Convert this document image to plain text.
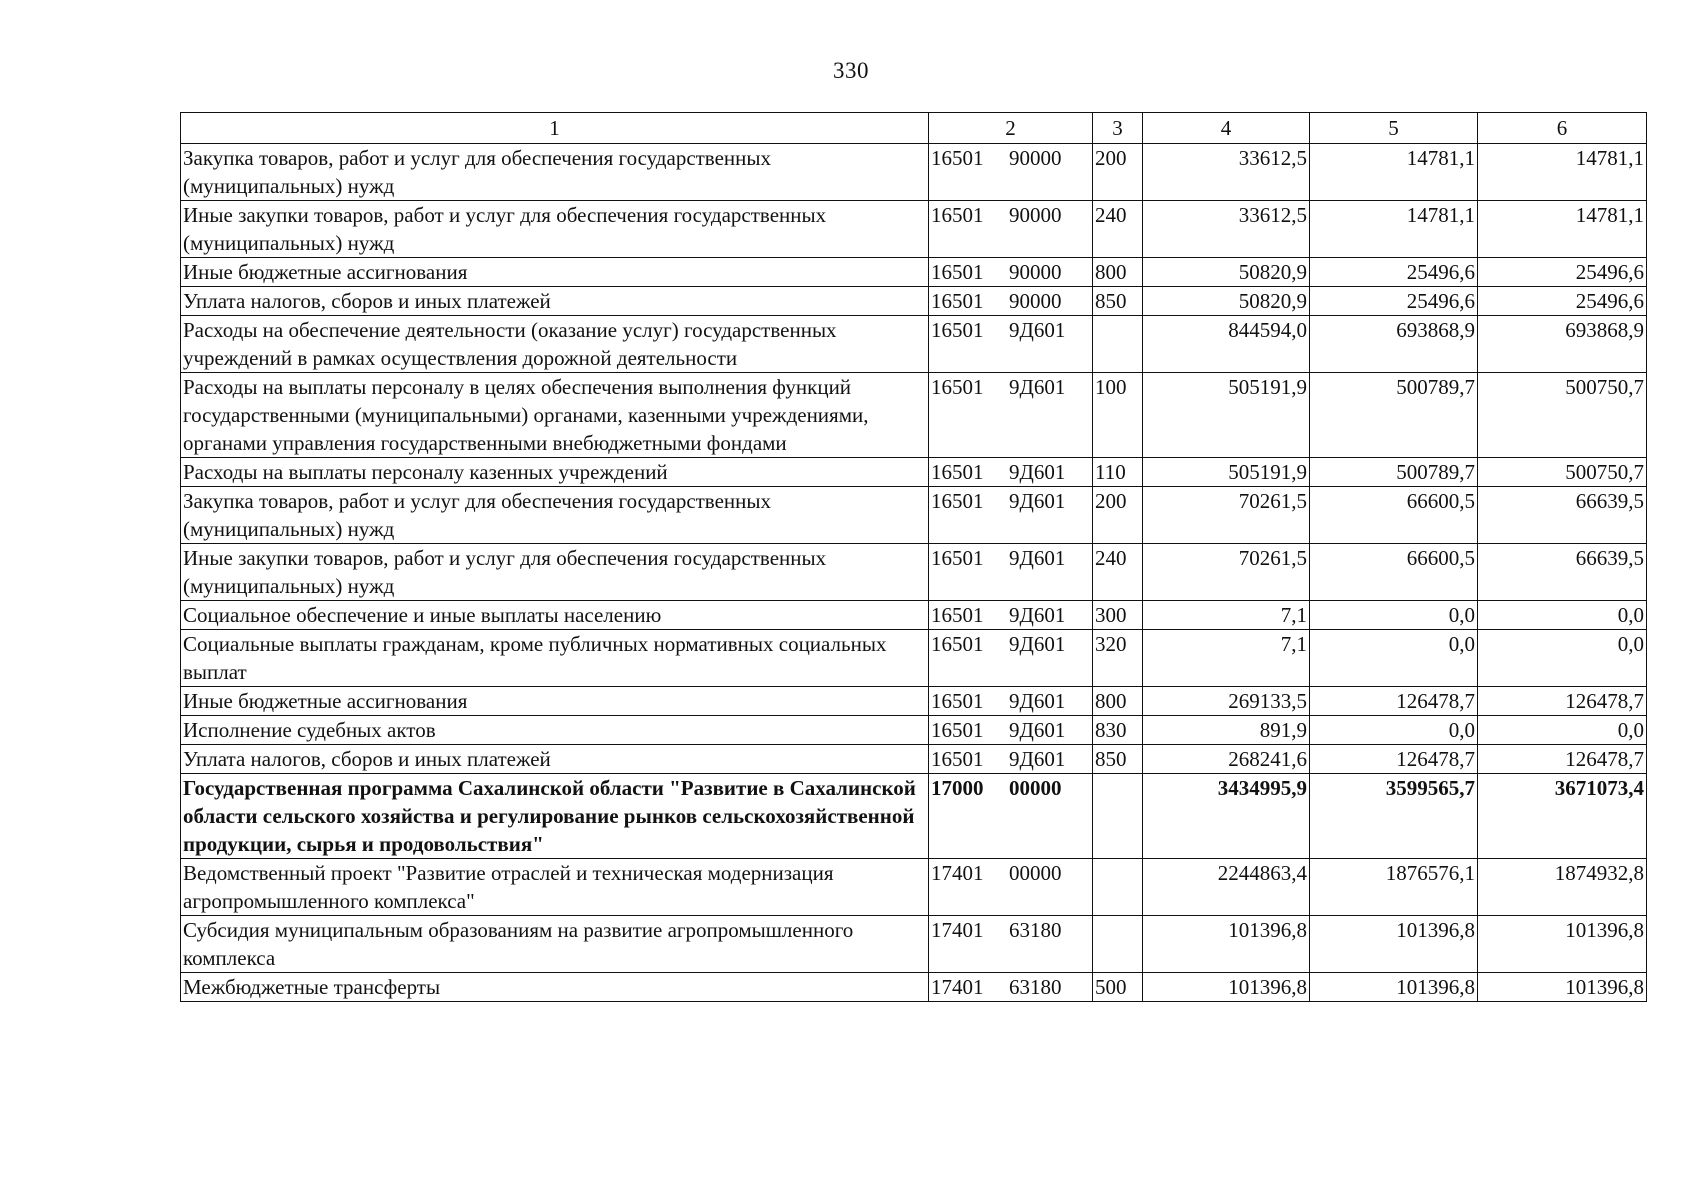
330
1	2	3	4	5	6
Закупка товаров, работ и услуг для обеспечения государственных (муниципальных) нужд	16501 90000	200	33612,5	14781,1	14781,1
Иные закупки товаров, работ и услуг для обеспечения государственных (муниципальных) нужд	16501 90000	240	33612,5	14781,1	14781,1
Иные бюджетные ассигнования	16501 90000	800	50820,9	25496,6	25496,6
Уплата налогов, сборов и иных платежей	16501 90000	850	50820,9	25496,6	25496,6
Расходы на обеспечение деятельности (оказание услуг) государственных учреждений в рамках осуществления дорожной деятельности	16501 9Д601		844594,0	693868,9	693868,9
Расходы на выплаты персоналу в целях обеспечения выполнения функций государственными (муниципальными) органами, казенными учреждениями, органами управления государственными внебюджетными фондами	16501 9Д601	100	505191,9	500789,7	500750,7
Расходы на выплаты персоналу казенных учреждений	16501 9Д601	110	505191,9	500789,7	500750,7
Закупка товаров, работ и услуг для обеспечения государственных (муниципальных) нужд	16501 9Д601	200	70261,5	66600,5	66639,5
Иные закупки товаров, работ и услуг для обеспечения государственных (муниципальных) нужд	16501 9Д601	240	70261,5	66600,5	66639,5
Социальное обеспечение и иные выплаты населению	16501 9Д601	300	7,1	0,0	0,0
Социальные выплаты гражданам, кроме публичных нормативных социальных выплат	16501 9Д601	320	7,1	0,0	0,0
Иные бюджетные ассигнования	16501 9Д601	800	269133,5	126478,7	126478,7
Исполнение судебных актов	16501 9Д601	830	891,9	0,0	0,0
Уплата налогов, сборов и иных платежей	16501 9Д601	850	268241,6	126478,7	126478,7
Государственная программа Сахалинской области "Развитие в Сахалинской области сельского хозяйства и регулирование рынков сельскохозяйственной продукции, сырья и продовольствия"	17000 00000		3434995,9	3599565,7	3671073,4
Ведомственный проект "Развитие отраслей и техническая модернизация агропромышленного комплекса"	17401 00000		2244863,4	1876576,1	1874932,8
Субсидия муниципальным образованиям на развитие агропромышленного комплекса	17401 63180		101396,8	101396,8	101396,8
Межбюджетные трансферты	17401 63180	500	101396,8	101396,8	101396,8
